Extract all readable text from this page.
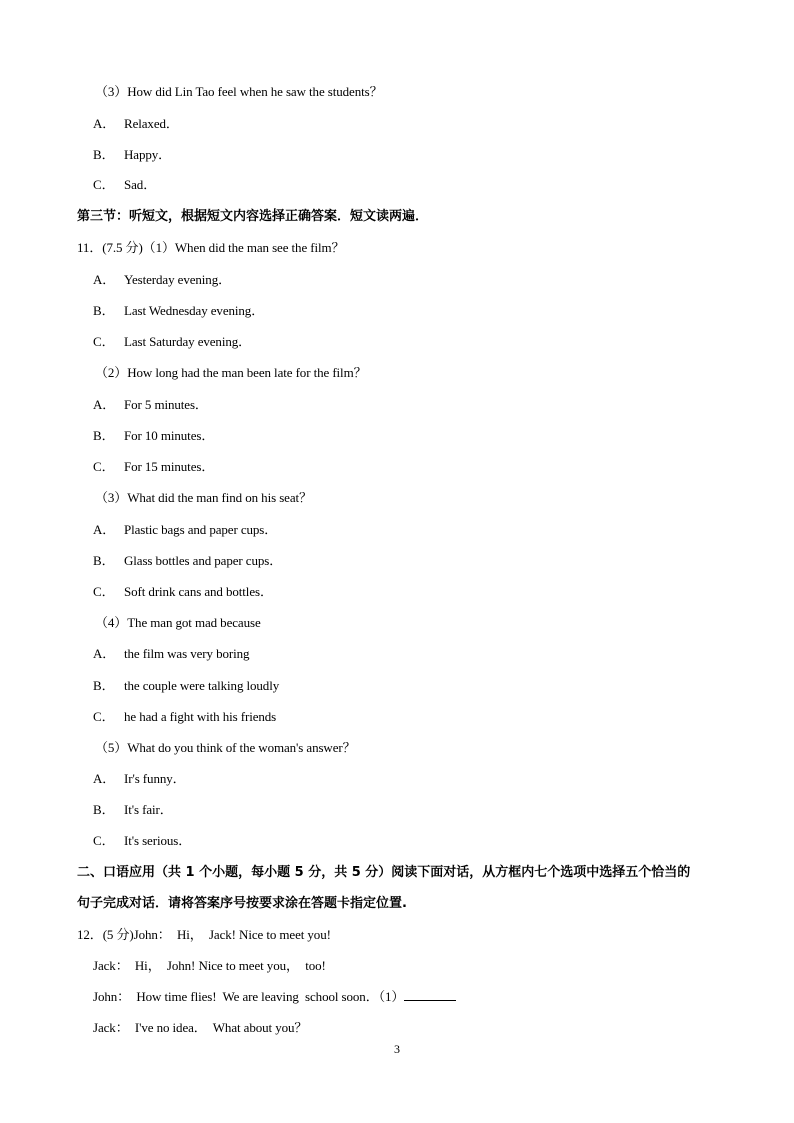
（3）How did Lin Tao feel when he saw the students？
A． Relaxed．
B． Happy．
C． Sad．
第三节：听短文，根据短文内容选择正确答案．短文读两遍．
11．(7.5 分)（1）When did the man see the film？
A． Yesterday evening．
B． Last Wednesday evening．
C． Last Saturday evening．
（2）How long had the man been late for the film？
A． For 5 minutes．
B． For 10 minutes．
C． For 15 minutes．
（3）What did the man find on his seat？
A． Plastic bags and paper cups．
B． Glass bottles and paper cups．
C． Soft drink cans and bottles．
（4）The man got mad because
A． the film was very boring
B． the couple were talking loudly
C． he had a fight with his friends
（5）What do you think of the woman's answer？
A． Ir's funny．
B． It's fair．
C． It's serious．
二、口语应用（共 1 个小题，每小题 5 分，共 5 分）阅读下面对话，从方框内七个选项中选择五个恰当的
句子完成对话．请将答案序号按要求涂在答题卡指定位置.
12．(5 分)John：  Hi，  Jack! Nice to meet you!
Jack：  Hi，  John! Nice to meet you，  too!
John：  How time flies!  We are leaving  school soon．（1）
Jack：  I've no idea．  What about you？
3
